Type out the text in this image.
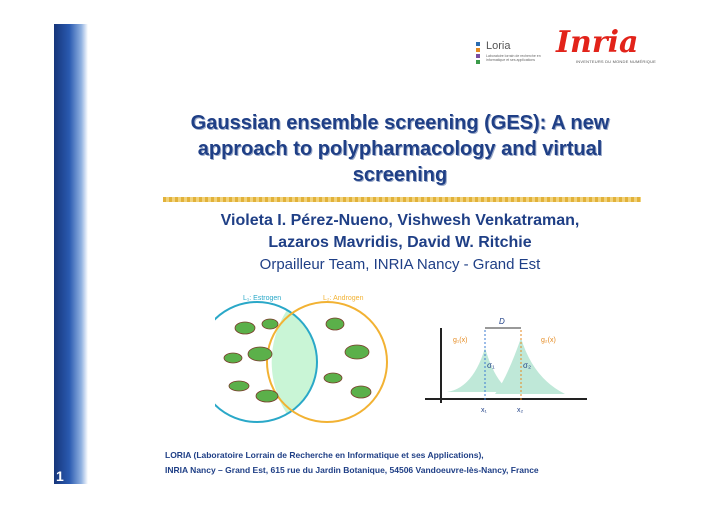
1
Loria
Laboratoire lorrain de recherche en informatique et ses applications Inria
INVENTEURS DU MONDE NUMÉRIQUE
Gaussian ensemble screening (GES): A new
approach to polypharmacology and virtual
screening
Violeta I. Pérez-Nueno, Vishwesh Venkatraman,
Lazaros Mavridis, David W. Ritchie
Orpailleur Team, INRIA Nancy - Grand Est
L₁: Estrogen	L₂: Androgen
D
g₁(x)	g₂(x)
σ₁	σ₂
x₁	x₂
LORIA (Laboratoire Lorrain de Recherche en Informatique et ses Applications),
INRIA Nancy – Grand Est, 615 rue du Jardin Botanique, 54506 Vandoeuvre-lès-Nancy, France
